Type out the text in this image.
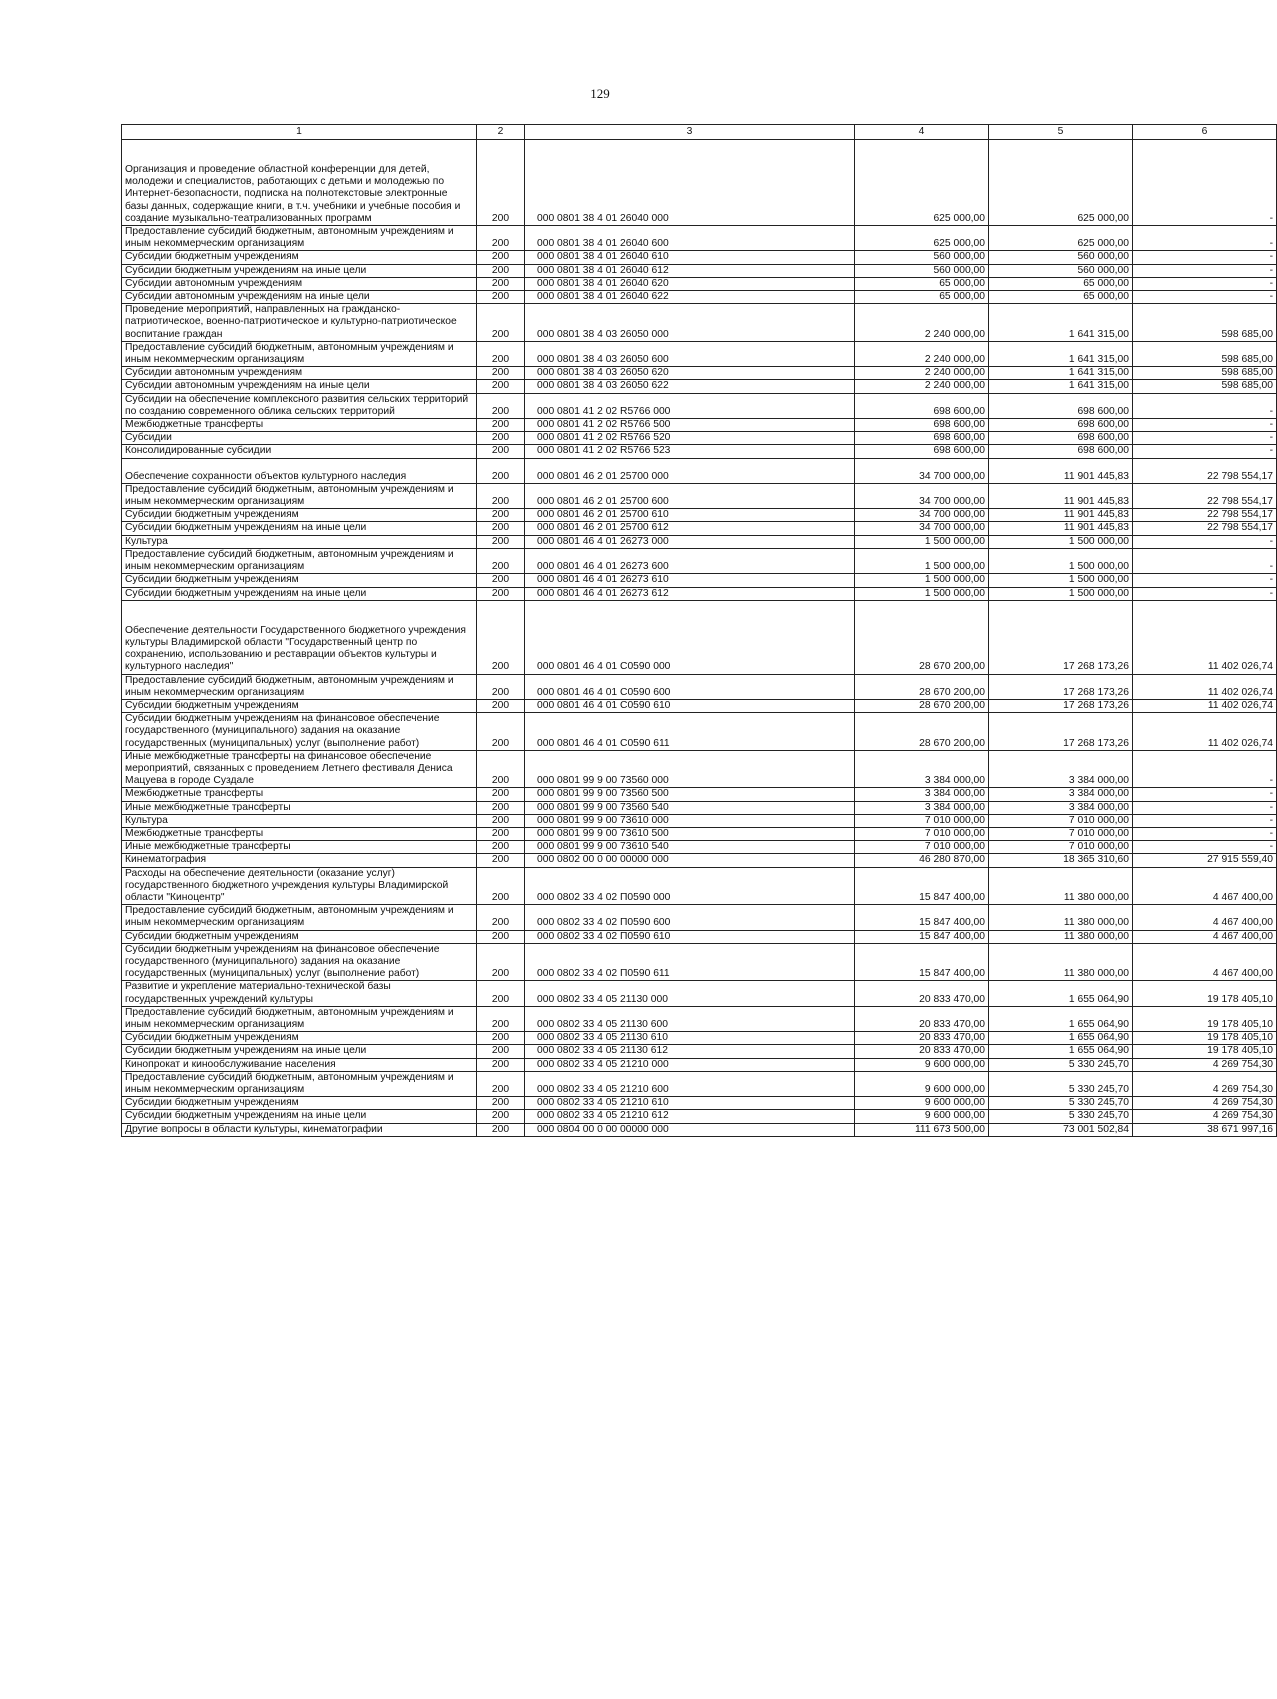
129
1	2	3	4	5	6
Организация и проведение областной конференции для детей, молодежи и специалистов, работающих с детьми и молодежью по Интернет-безопасности, подписка на полнотекстовые электронные базы данных, содержащие книги, в т.ч. учебники и учебные пособия и создание музыкально-театрализованных программ	200	000 0801 38 4 01 26040 000	625 000,00	625 000,00	-
Предоставление субсидий бюджетным, автономным учреждениям и иным некоммерческим организациям	200	000 0801 38 4 01 26040 600	625 000,00	625 000,00	-
Субсидии бюджетным учреждениям	200	000 0801 38 4 01 26040 610	560 000,00	560 000,00	-
Субсидии бюджетным учреждениям на иные цели	200	000 0801 38 4 01 26040 612	560 000,00	560 000,00	-
Субсидии автономным учреждениям	200	000 0801 38 4 01 26040 620	65 000,00	65 000,00	-
Субсидии автономным учреждениям на иные цели	200	000 0801 38 4 01 26040 622	65 000,00	65 000,00	-
Проведение мероприятий, направленных на гражданско-патриотическое, военно-патриотическое и культурно-патриотическое воспитание граждан	200	000 0801 38 4 03 26050 000	2 240 000,00	1 641 315,00	598 685,00
Предоставление субсидий бюджетным, автономным учреждениям и иным некоммерческим организациям	200	000 0801 38 4 03 26050 600	2 240 000,00	1 641 315,00	598 685,00
Субсидии автономным учреждениям	200	000 0801 38 4 03 26050 620	2 240 000,00	1 641 315,00	598 685,00
Субсидии автономным учреждениям на иные цели	200	000 0801 38 4 03 26050 622	2 240 000,00	1 641 315,00	598 685,00
Субсидии на обеспечение комплексного развития сельских территорий по созданию современного облика сельских территорий	200	000 0801 41 2 02 R5766 000	698 600,00	698 600,00	-
Межбюджетные трансферты	200	000 0801 41 2 02 R5766 500	698 600,00	698 600,00	-
Субсидии	200	000 0801 41 2 02 R5766 520	698 600,00	698 600,00	-
Консолидированные субсидии	200	000 0801 41 2 02 R5766 523	698 600,00	698 600,00	-
Обеспечение сохранности объектов культурного наследия	200	000 0801 46 2 01 25700 000	34 700 000,00	11 901 445,83	22 798 554,17
Предоставление субсидий бюджетным, автономным учреждениям и иным некоммерческим организациям	200	000 0801 46 2 01 25700 600	34 700 000,00	11 901 445,83	22 798 554,17
Субсидии бюджетным учреждениям	200	000 0801 46 2 01 25700 610	34 700 000,00	11 901 445,83	22 798 554,17
Субсидии бюджетным учреждениям на иные цели	200	000 0801 46 2 01 25700 612	34 700 000,00	11 901 445,83	22 798 554,17
Культура	200	000 0801 46 4 01 26273 000	1 500 000,00	1 500 000,00	-
Предоставление субсидий бюджетным, автономным учреждениям и иным некоммерческим организациям	200	000 0801 46 4 01 26273 600	1 500 000,00	1 500 000,00	-
Субсидии бюджетным учреждениям	200	000 0801 46 4 01 26273 610	1 500 000,00	1 500 000,00	-
Субсидии бюджетным учреждениям на иные цели	200	000 0801 46 4 01 26273 612	1 500 000,00	1 500 000,00	-
Обеспечение деятельности Государственного бюджетного учреждения культуры Владимирской области "Государственный центр по сохранению, использованию и реставрации объектов культуры и культурного наследия"	200	000 0801 46 4 01 С0590 000	28 670 200,00	17 268 173,26	11 402 026,74
Предоставление субсидий бюджетным, автономным учреждениям и иным некоммерческим организациям	200	000 0801 46 4 01 С0590 600	28 670 200,00	17 268 173,26	11 402 026,74
Субсидии бюджетным учреждениям	200	000 0801 46 4 01 С0590 610	28 670 200,00	17 268 173,26	11 402 026,74
Субсидии бюджетным учреждениям на финансовое обеспечение государственного (муниципального) задания на оказание государственных (муниципальных) услуг (выполнение работ)	200	000 0801 46 4 01 С0590 611	28 670 200,00	17 268 173,26	11 402 026,74
Иные межбюджетные трансферты на финансовое обеспечение мероприятий, связанных с проведением Летнего фестиваля Дениса Мацуева в городе Суздале	200	000 0801 99 9 00 73560 000	3 384 000,00	3 384 000,00	-
Межбюджетные трансферты	200	000 0801 99 9 00 73560 500	3 384 000,00	3 384 000,00	-
Иные межбюджетные трансферты	200	000 0801 99 9 00 73560 540	3 384 000,00	3 384 000,00	-
Культура	200	000 0801 99 9 00 73610 000	7 010 000,00	7 010 000,00	-
Межбюджетные трансферты	200	000 0801 99 9 00 73610 500	7 010 000,00	7 010 000,00	-
Иные межбюджетные трансферты	200	000 0801 99 9 00 73610 540	7 010 000,00	7 010 000,00	-
Кинематография	200	000 0802 00 0 00 00000 000	46 280 870,00	18 365 310,60	27 915 559,40
Расходы на обеспечение деятельности (оказание услуг) государственного бюджетного учреждения культуры Владимирской области "Киноцентр"	200	000 0802 33 4 02 П0590 000	15 847 400,00	11 380 000,00	4 467 400,00
Предоставление субсидий бюджетным, автономным учреждениям и иным некоммерческим организациям	200	000 0802 33 4 02 П0590 600	15 847 400,00	11 380 000,00	4 467 400,00
Субсидии бюджетным учреждениям	200	000 0802 33 4 02 П0590 610	15 847 400,00	11 380 000,00	4 467 400,00
Субсидии бюджетным учреждениям на финансовое обеспечение государственного (муниципального) задания на оказание государственных (муниципальных) услуг (выполнение работ)	200	000 0802 33 4 02 П0590 611	15 847 400,00	11 380 000,00	4 467 400,00
Развитие и укрепление материально-технической базы государственных учреждений культуры	200	000 0802 33 4 05 21130 000	20 833 470,00	1 655 064,90	19 178 405,10
Предоставление субсидий бюджетным, автономным учреждениям и иным некоммерческим организациям	200	000 0802 33 4 05 21130 600	20 833 470,00	1 655 064,90	19 178 405,10
Субсидии бюджетным учреждениям	200	000 0802 33 4 05 21130 610	20 833 470,00	1 655 064,90	19 178 405,10
Субсидии бюджетным учреждениям на иные цели	200	000 0802 33 4 05 21130 612	20 833 470,00	1 655 064,90	19 178 405,10
Кинопрокат и кинообслуживание населения	200	000 0802 33 4 05 21210 000	9 600 000,00	5 330 245,70	4 269 754,30
Предоставление субсидий бюджетным, автономным учреждениям и иным некоммерческим организациям	200	000 0802 33 4 05 21210 600	9 600 000,00	5 330 245,70	4 269 754,30
Субсидии бюджетным учреждениям	200	000 0802 33 4 05 21210 610	9 600 000,00	5 330 245,70	4 269 754,30
Субсидии бюджетным учреждениям на иные цели	200	000 0802 33 4 05 21210 612	9 600 000,00	5 330 245,70	4 269 754,30
Другие вопросы в области культуры, кинематографии	200	000 0804 00 0 00 00000 000	111 673 500,00	73 001 502,84	38 671 997,16
